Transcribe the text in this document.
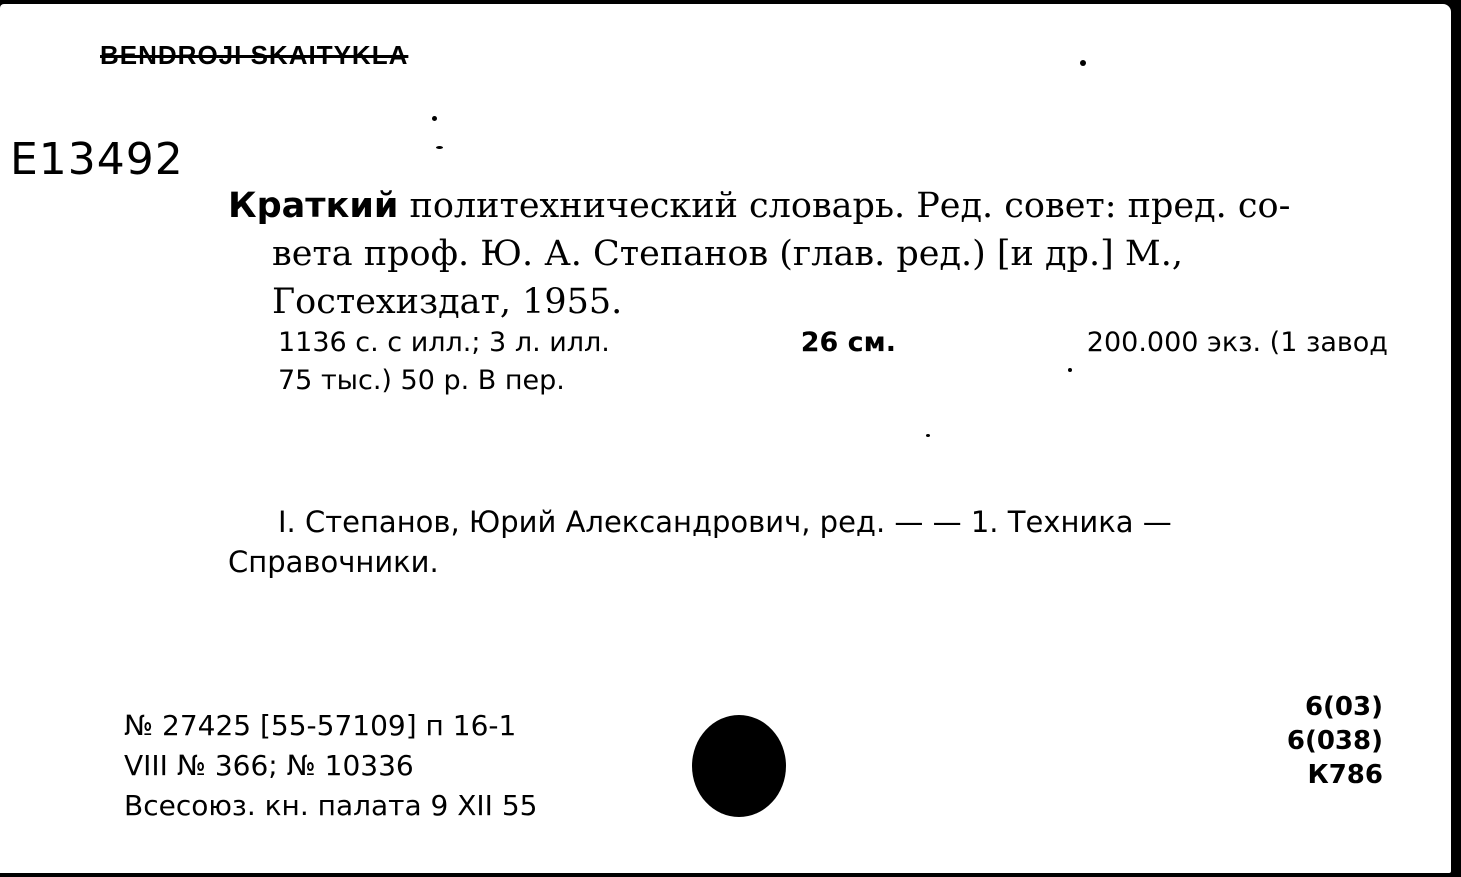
BENDROJI SKAITYKLA
E13492
Краткий политехнический словарь. Ред. совет: пред. со-
вета проф. Ю. А. Степанов (глав. ред.) [и др.] М.,
Гостехиздат, 1955.
1136 с. с илл.; 3 л. илл.	26 см.	200.000 экз. (1 завод
75 тыс.) 50 р. В пер.
I. Степанов, Юрий Александрович, ред. — — 1. Техника —
Справочники.
№ 27425 [55-57109] п 16-1
VIII № 366; № 10336
Всесоюз. кн. палата 9 XII 55
6(03)
6(038)
К786
